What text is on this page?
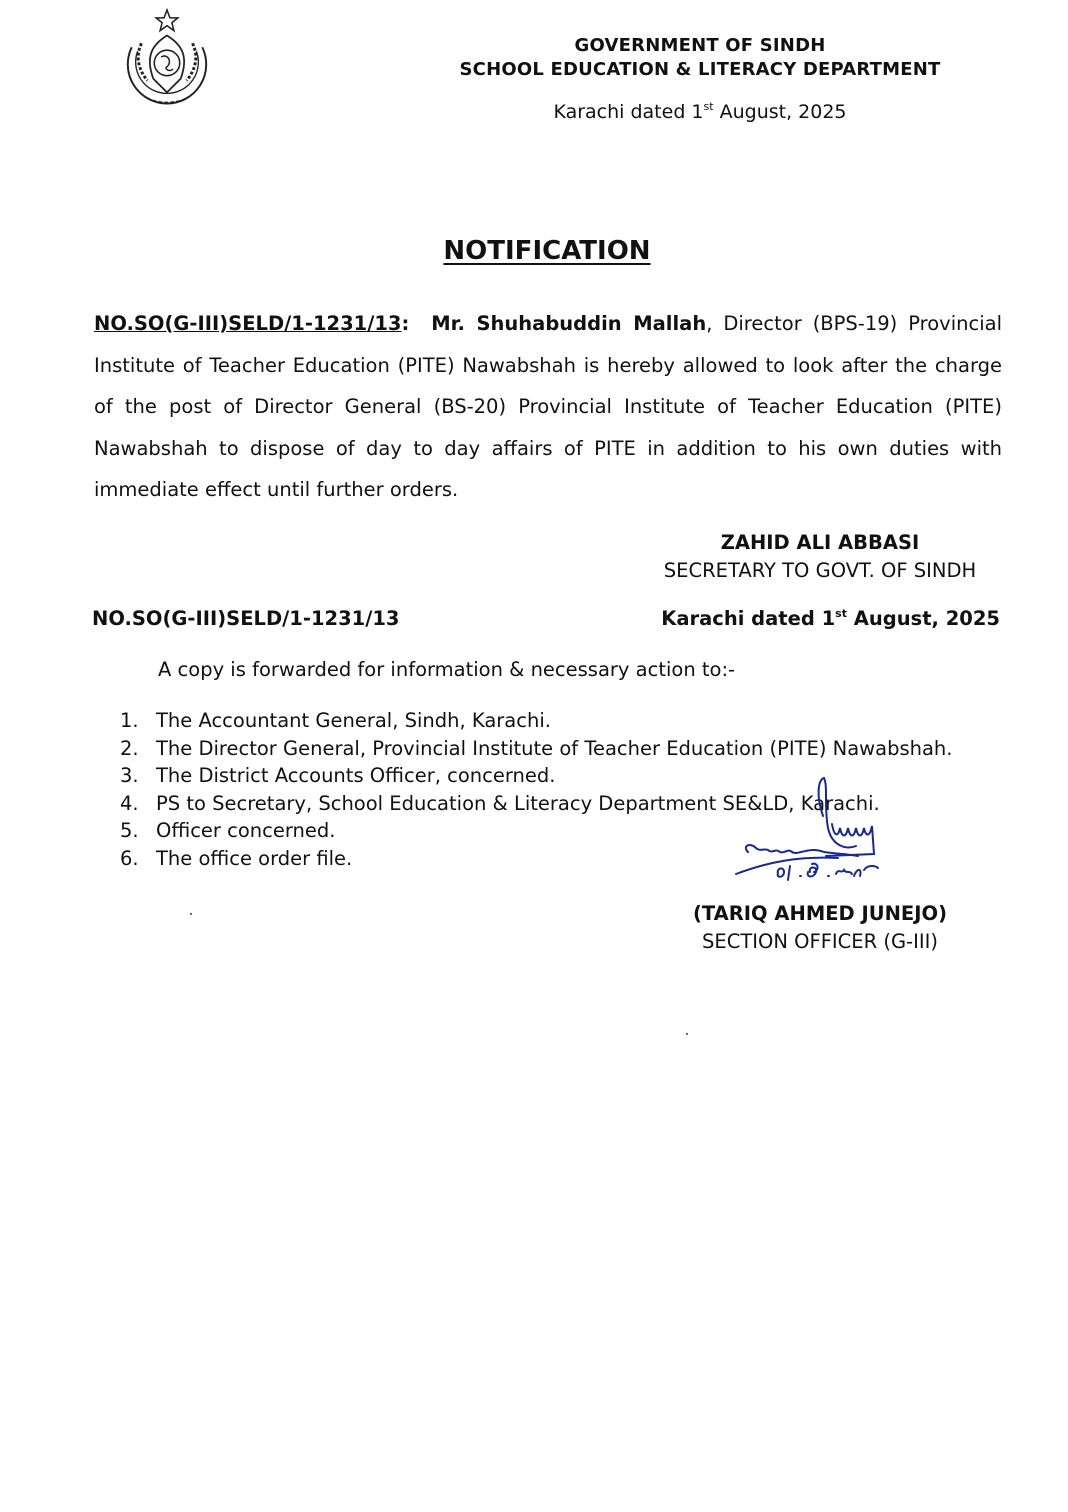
GOVERNMENT OF SINDH
SCHOOL EDUCATION & LITERACY DEPARTMENT
Karachi dated 1st August, 2025
NOTIFICATION
NO.SO(G-III)SELD/1-1231/13: Mr. Shuhabuddin Mallah, Director (BPS-19) Provincial Institute of Teacher Education (PITE) Nawabshah is hereby allowed to look after the charge of the post of Director General (BS-20) Provincial Institute of Teacher Education (PITE) Nawabshah to dispose of day to day affairs of PITE in addition to his own duties with immediate effect until further orders.
ZAHID ALI ABBASI
SECRETARY TO GOVT. OF SINDH
NO.SO(G-III)SELD/1-1231/13	Karachi dated 1st August, 2025
A copy is forwarded for information & necessary action to:-
1. The Accountant General, Sindh, Karachi.
2. The Director General, Provincial Institute of Teacher Education (PITE) Nawabshah.
3. The District Accounts Officer, concerned.
4. PS to Secretary, School Education & Literacy Department SE&LD, Karachi.
5. Officer concerned.
6. The office order file.
(TARIQ AHMED JUNEJO)
SECTION OFFICER (G-III)
